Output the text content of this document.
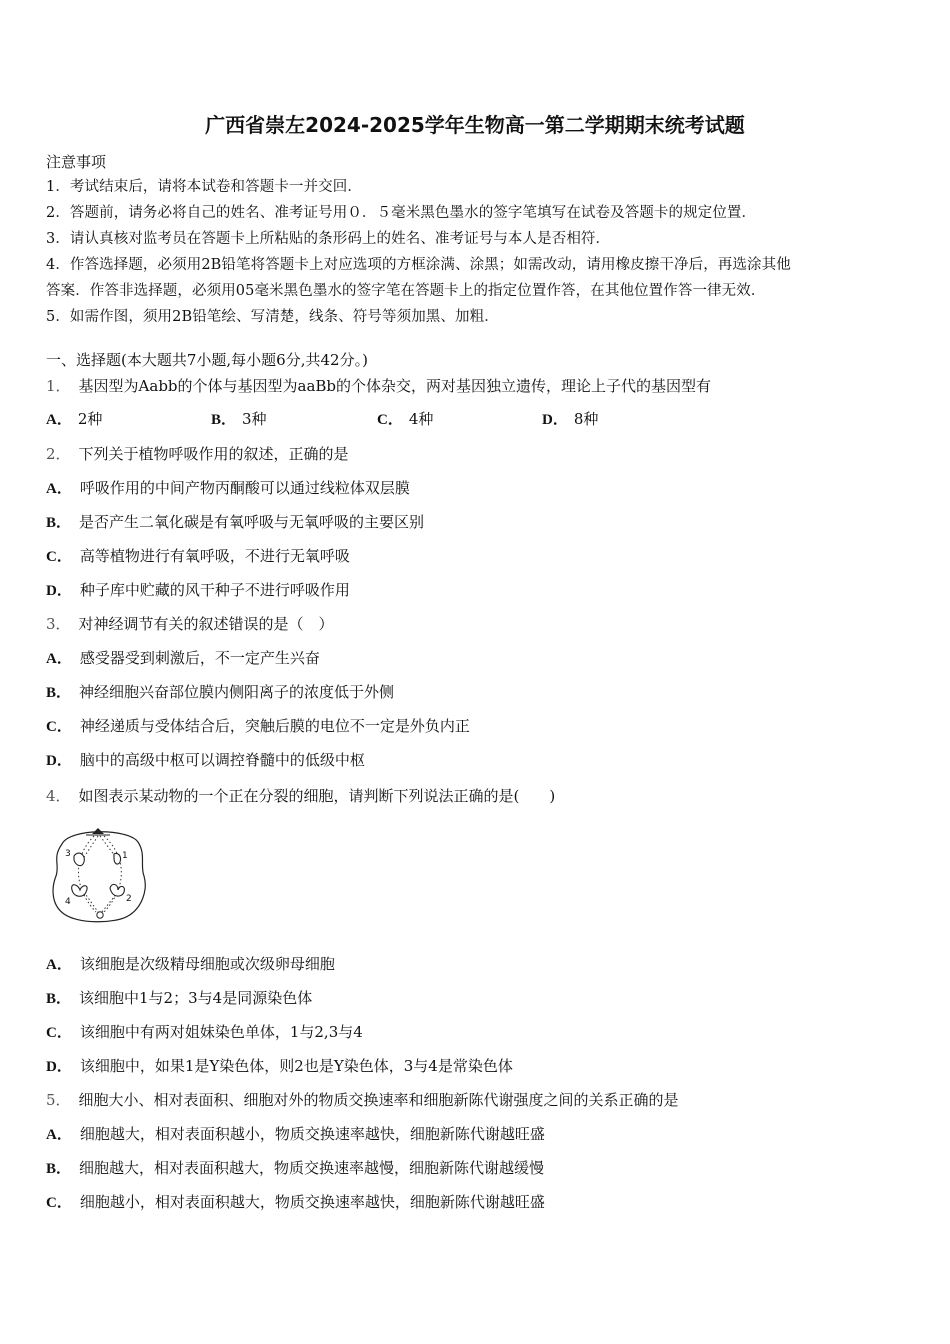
广西省崇左2024-2025学年生物高一第二学期期末统考试题
注意事项
1．考试结束后，请将本试卷和答题卡一并交回．
2．答题前，请务必将自己的姓名、准考证号用０．５毫米黑色墨水的签字笔填写在试卷及答题卡的规定位置．
3．请认真核对监考员在答题卡上所粘贴的条形码上的姓名、准考证号与本人是否相符．
4．作答选择题，必须用2B铅笔将答题卡上对应选项的方框涂满、涂黑；如需改动，请用橡皮擦干净后，再选涂其他
答案．作答非选择题，必须用05毫米黑色墨水的签字笔在答题卡上的指定位置作答，在其他位置作答一律无效．
5．如需作图，须用2B铅笔绘、写清楚，线条、符号等须加黑、加粗．
一、选择题(本大题共7小题,每小题6分,共42分。)
1． 基因型为Aabb的个体与基因型为aaBb的个体杂交，两对基因独立遗传，理论上子代的基因型有
A． 2种	B． 3种	C． 4种	D． 8种
2． 下列关于植物呼吸作用的叙述，正确的是
A． 呼吸作用的中间产物丙酮酸可以通过线粒体双层膜
B． 是否产生二氧化碳是有氧呼吸与无氧呼吸的主要区别
C． 高等植物进行有氧呼吸，不进行无氧呼吸
D． 种子库中贮藏的风干种子不进行呼吸作用
3． 对神经调节有关的叙述错误的是（　）
A． 感受器受到刺激后，不一定产生兴奋
B． 神经细胞兴奋部位膜内侧阳离子的浓度低于外侧
C． 神经递质与受体结合后，突触后膜的电位不一定是外负内正
D． 脑中的高级中枢可以调控脊髓中的低级中枢
4． 如图表示某动物的一个正在分裂的细胞，请判断下列说法正确的是(　　)
3	1
4	2
A． 该细胞是次级精母细胞或次级卵母细胞
B． 该细胞中1与2；3与4是同源染色体
C． 该细胞中有两对姐妹染色单体，1与2,3与4
D． 该细胞中，如果1是Y染色体，则2也是Y染色体，3与4是常染色体
5． 细胞大小、相对表面积、细胞对外的物质交换速率和细胞新陈代谢强度之间的关系正确的是
A． 细胞越大，相对表面积越小，物质交换速率越快，细胞新陈代谢越旺盛
B． 细胞越大，相对表面积越大，物质交换速率越慢，细胞新陈代谢越缓慢
C． 细胞越小，相对表面积越大，物质交换速率越快，细胞新陈代谢越旺盛
